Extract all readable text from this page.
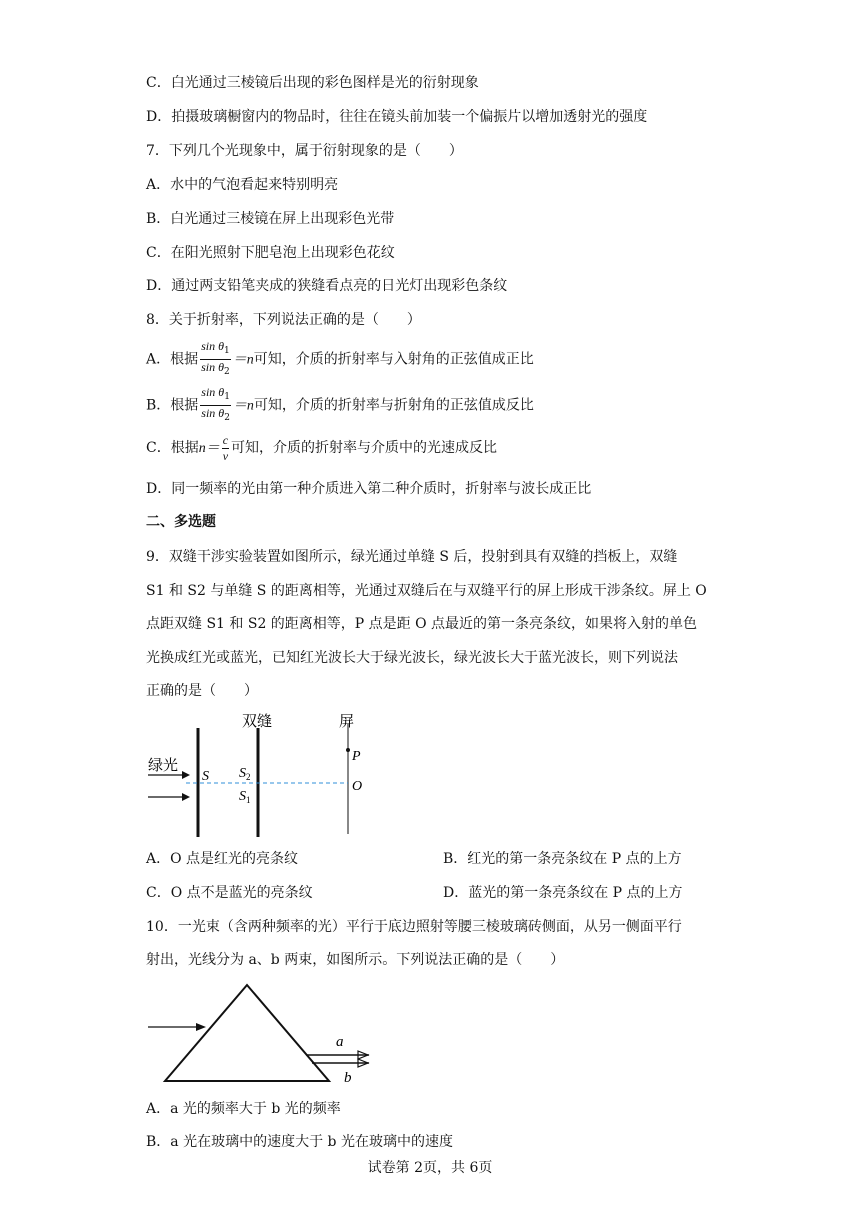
C．白光通过三棱镜后出现的彩色图样是光的衍射现象
D．拍摄玻璃橱窗内的物品时，往往在镜头前加装一个偏振片以增加透射光的强度
7．下列几个光现象中，属于衍射现象的是（　　）
A．水中的气泡看起来特别明亮
B．白光通过三棱镜在屏上出现彩色光带
C．在阳光照射下肥皂泡上出现彩色花纹
D．通过两支铅笔夹成的狭缝看点亮的日光灯出现彩色条纹
8．关于折射率，下列说法正确的是（　　）
A．根据 $\frac{\sin \theta_1}{\sin \theta_2} =n$可知，介质的折射率与入射角的正弦值成正比
B．根据 $\frac{\sin \theta_1}{\sin \theta_2} =n$可知，介质的折射率与折射角的正弦值成反比
C．根据$n= \frac{c}{v}$ 可知，介质的折射率与介质中的光速成反比
D．同一频率的光由第一种介质进入第二种介质时，折射率与波长成正比
二、多选题
9．双缝干涉实验装置如图所示，绿光通过单缝 S 后，投射到具有双缝的挡板上，双缝
S1 和 S2 与单缝 S 的距离相等，光通过双缝后在与双缝平行的屏上形成干涉条纹。屏上 O
点距双缝 S1 和 S2 的距离相等，P 点是距 O 点最近的第一条亮条纹，如果将入射的单色
光换成红光或蓝光，已知红光波长大于绿光波长，绿光波长大于蓝光波长，则下列说法
正确的是（　　）
双缝	屏
绿光
S $S_2$
$S_1$
P
O
A．O 点是红光的亮条纹	B．红光的第一条亮条纹在 P 点的上方
C．O 点不是蓝光的亮条纹	D．蓝光的第一条亮条纹在 P 点的上方
10．一光束（含两种频率的光）平行于底边照射等腰三棱玻璃砖侧面，从另一侧面平行
射出，光线分为 a、b 两束，如图所示。下列说法正确的是（　　）
a
b
A．a 光的频率大于 b 光的频率
B．a 光在玻璃中的速度大于 b 光在玻璃中的速度
试卷第 2页，共 6页
